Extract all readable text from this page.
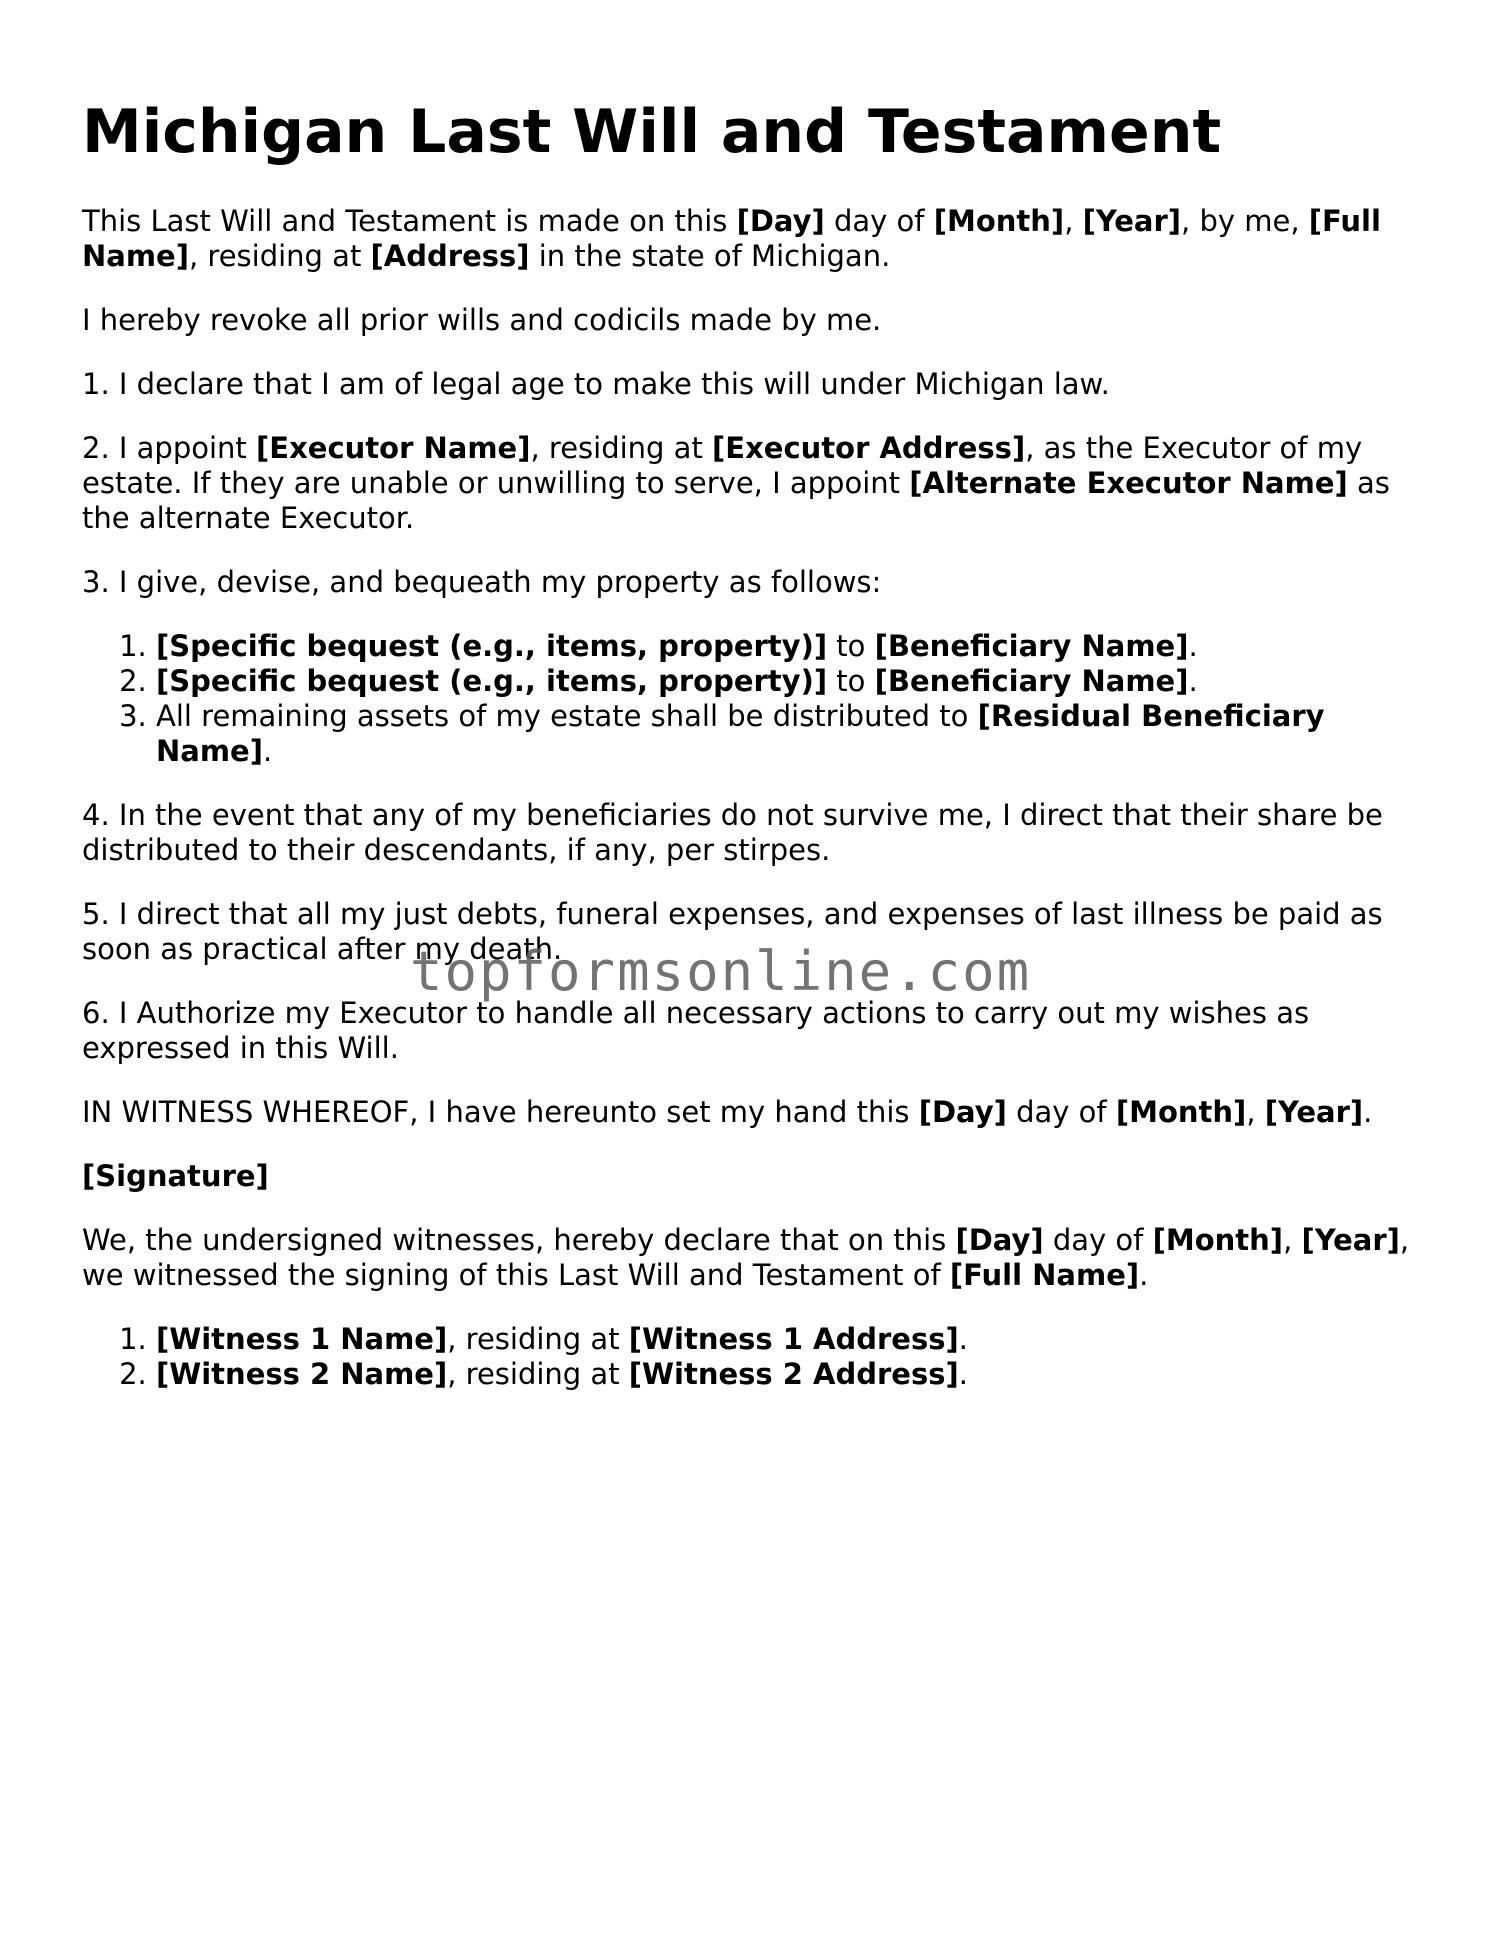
Michigan Last Will and Testament

This Last Will and Testament is made on this [Day] day of [Month], [Year], by me, [Full Name], residing at [Address] in the state of Michigan.

I hereby revoke all prior wills and codicils made by me.

1. I declare that I am of legal age to make this will under Michigan law.

2. I appoint [Executor Name], residing at [Executor Address], as the Executor of my estate. If they are unable or unwilling to serve, I appoint [Alternate Executor Name] as the alternate Executor.

3. I give, devise, and bequeath my property as follows:

1. [Specific bequest (e.g., items, property)] to [Beneficiary Name].
2. [Specific bequest (e.g., items, property)] to [Beneficiary Name].
3. All remaining assets of my estate shall be distributed to [Residual Beneficiary Name].

4. In the event that any of my beneficiaries do not survive me, I direct that their share be distributed to their descendants, if any, per stirpes.

5. I direct that all my just debts, funeral expenses, and expenses of last illness be paid as soon as practical after my death.

6. I Authorize my Executor to handle all necessary actions to carry out my wishes as expressed in this Will.

IN WITNESS WHEREOF, I have hereunto set my hand this [Day] day of [Month], [Year].

[Signature]

We, the undersigned witnesses, hereby declare that on this [Day] day of [Month], [Year], we witnessed the signing of this Last Will and Testament of [Full Name].

1. [Witness 1 Name], residing at [Witness 1 Address].
2. [Witness 2 Name], residing at [Witness 2 Address].
topformsonline.com
